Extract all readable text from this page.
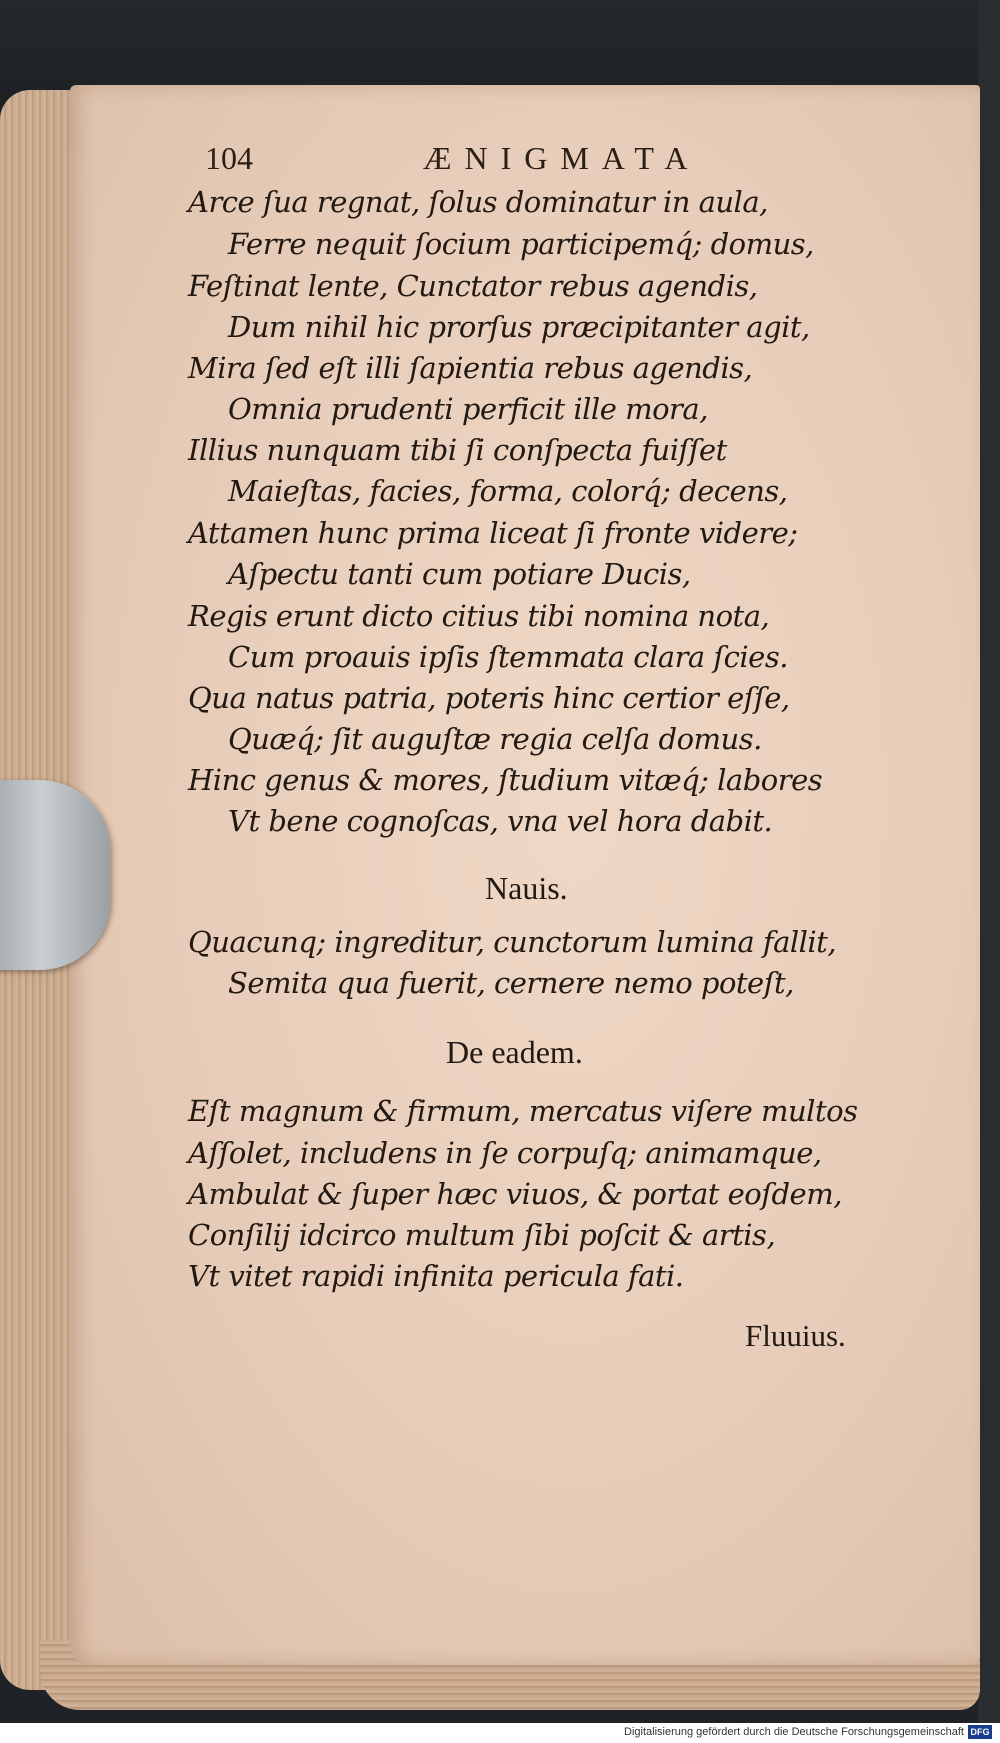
104	ÆNIGMATA
Arce ſua regnat, ſolus dominatur in aula,
Ferre nequit ſocium participemq́; domus,
Feſtinat lente, Cunctator rebus agendis,
Dum nihil hic prorſus præcipitanter agit,
Mira ſed eſt illi ſapientia rebus agendis,
Omnia prudenti perficit ille mora,
Illius nunquam tibi ſi conſpecta fuiſſet
Maieſtas, facies, forma, colorq́; decens,
Attamen hunc prima liceat ſi fronte videre;
Aſpectu tanti cum potiare Ducis,
Regis erunt dicto citius tibi nomina nota,
Cum proauis ipſis ſtemmata clara ſcies.
Qua natus patria, poteris hinc certior eſſe,
Quæq́; ſit auguſtæ regia celſa domus.
Hinc genus & mores, ſtudium vitæq́; labores
Vt bene cognoſcas, vna vel hora dabit.
Nauis.
Quacunq; ingreditur, cunctorum lumina fallit,
Semita qua fuerit, cernere nemo poteſt,
De eadem.
Eſt magnum & firmum, mercatus viſere multos
Aſſolet, includens in ſe corpuſq; animamque,
Ambulat & ſuper hæc viuos, & portat eoſdem,
Conſilij idcirco multum ſibi poſcit & artis,
Vt vitet rapidi infinita pericula fati.
Fluuius.
Digitalisierung gefördert durch die Deutsche Forschungsgemeinschaft DFG
